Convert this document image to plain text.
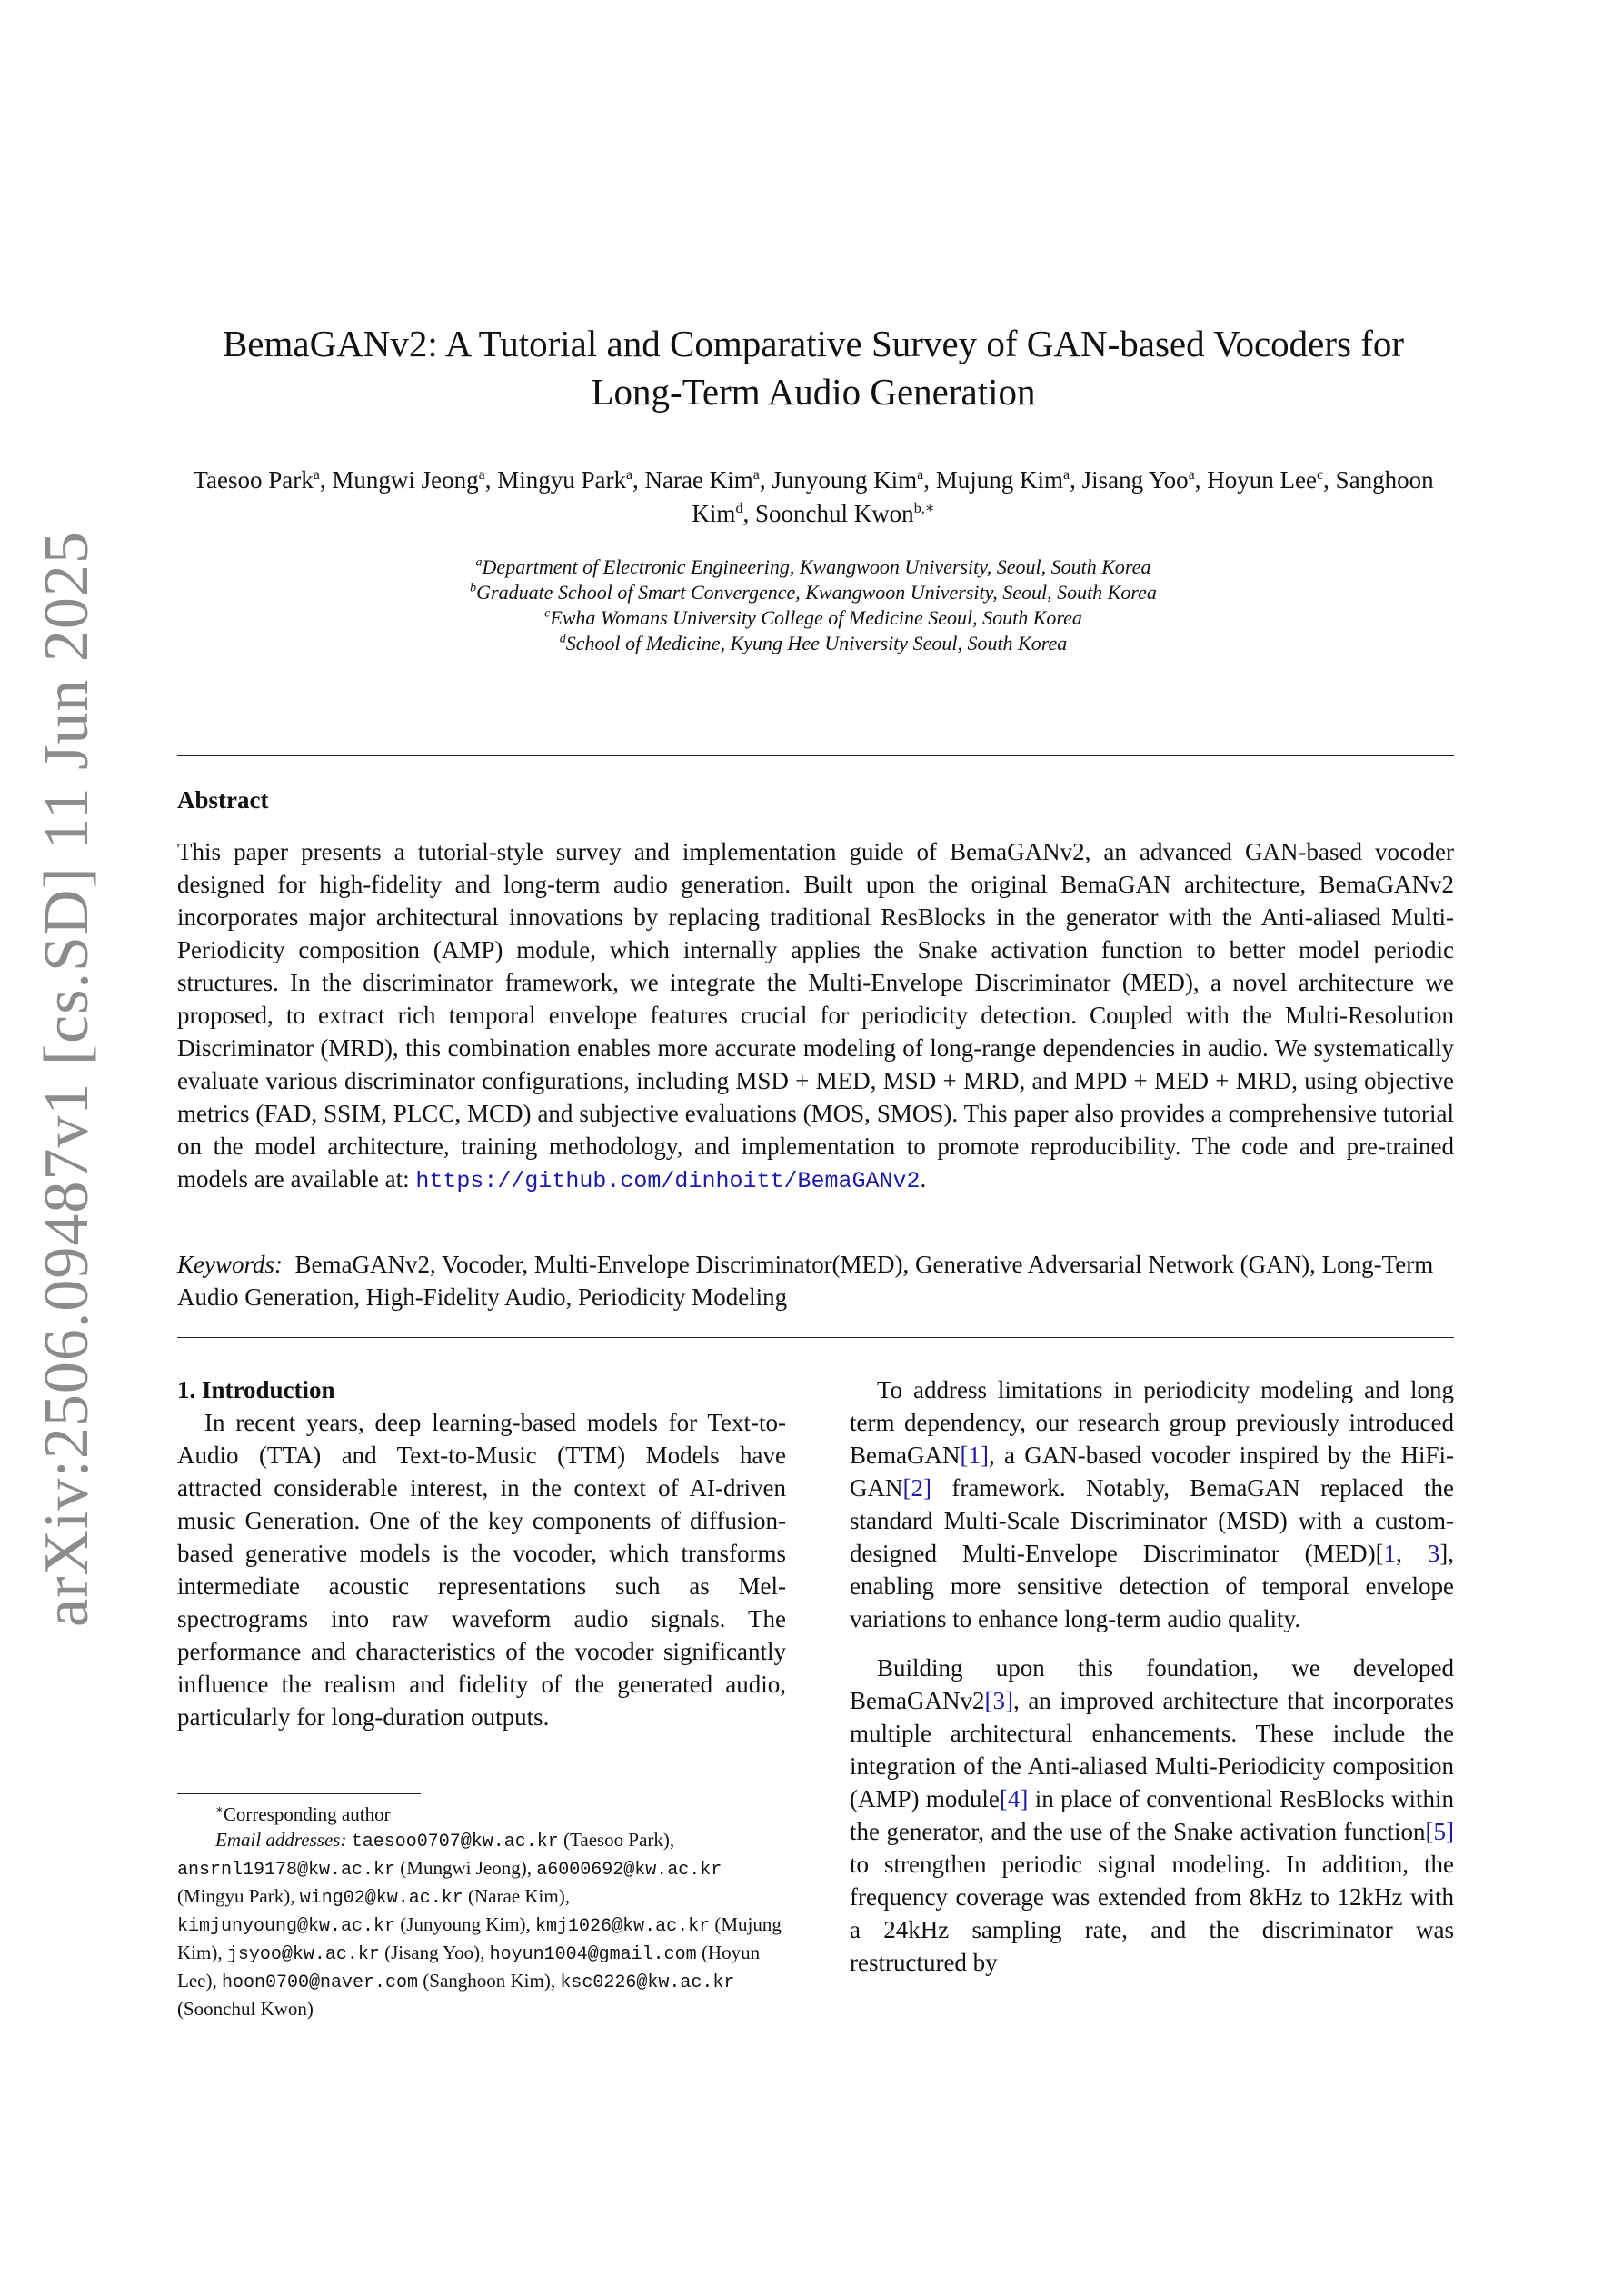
arXiv:2506.09487v1 [cs.SD] 11 Jun 2025
BemaGANv2: A Tutorial and Comparative Survey of GAN-based Vocoders for
Long-Term Audio Generation
Taesoo Park$^a$, Mungwi Jeong$^a$, Mingyu Park$^a$, Narae Kim$^a$, Junyoung Kim$^a$, Mujung Kim$^a$, Jisang Yoo$^a$, Hoyun Lee$^c$, Sanghoon Kim$^d$, Soonchul Kwon$^{b,∗}$
$^a$Department of Electronic Engineering, Kwangwoon University, Seoul, South Korea
$^b$Graduate School of Smart Convergence, Kwangwoon University, Seoul, South Korea
$^c$Ewha Womans University College of Medicine Seoul, South Korea
$^d$School of Medicine, Kyung Hee University Seoul, South Korea
Abstract
This paper presents a tutorial-style survey and implementation guide of BemaGANv2, an advanced GAN-based vocoder designed for high-fidelity and long-term audio generation. Built upon the original BemaGAN architecture, BemaGANv2 incorporates major architectural innovations by replacing traditional ResBlocks in the generator with the Anti-aliased Multi-Periodicity composition (AMP) module, which internally applies the Snake activation function to better model periodic structures. In the discriminator framework, we integrate the Multi-Envelope Discriminator (MED), a novel architecture we proposed, to extract rich temporal envelope features crucial for periodicity detection. Coupled with the Multi-Resolution Discriminator (MRD), this combination enables more accurate modeling of long-range dependencies in audio. We systematically evaluate various discriminator configurations, including MSD + MED, MSD + MRD, and MPD + MED + MRD, using objective metrics (FAD, SSIM, PLCC, MCD) and subjective evaluations (MOS, SMOS). This paper also provides a comprehensive tutorial on the model architecture, training methodology, and implementation to promote reproducibility. The code and pre-trained models are available at: https://github.com/dinhoitt/BemaGANv2.
Keywords: BemaGANv2, Vocoder, Multi-Envelope Discriminator(MED), Generative Adversarial Network (GAN), Long-Term Audio Generation, High-Fidelity Audio, Periodicity Modeling

1. Introduction

In recent years, deep learning-based models for Text-to-Audio (TTA) and Text-to-Music (TTM) Models have attracted considerable interest, in the context of AI-driven music Generation. One of the key components of diffusion-based generative models is the vocoder, which transforms intermediate acoustic representations such as Mel-spectrograms into raw waveform audio signals. The performance and characteristics of the vocoder significantly influence the realism and fidelity of the generated audio, particularly for long-duration outputs.

To address limitations in periodicity modeling and long term dependency, our research group previously introduced BemaGAN[1], a GAN-based vocoder inspired by the HiFi-GAN[2] framework. Notably, BemaGAN replaced the standard Multi-Scale Discriminator (MSD) with a custom-designed Multi-Envelope Discriminator (MED)[1, 3], enabling more sensitive detection of temporal envelope variations to enhance long-term audio quality.

Building upon this foundation, we developed BemaGANv2[3], an improved architecture that incorporates multiple architectural enhancements. These include the integration of the Anti-aliased Multi-Periodicity composition (AMP) module[4] in place of conventional ResBlocks within the generator, and the use of the Snake activation function[5] to strengthen periodic signal modeling. In addition, the frequency coverage was extended from 8kHz to 12kHz with a 24kHz sampling rate, and the discriminator was restructured by

∗Corresponding author
Email addresses: taesoo0707@kw.ac.kr (Taesoo Park), ansrnl19178@kw.ac.kr (Mungwi Jeong), a6000692@kw.ac.kr (Mingyu Park), wing02@kw.ac.kr (Narae Kim), kimjunyoung@kw.ac.kr (Junyoung Kim), kmj1026@kw.ac.kr (Mujung Kim), jsyoo@kw.ac.kr (Jisang Yoo), hoyun1004@gmail.com (Hoyun Lee), hoon0700@naver.com (Sanghoon Kim), ksc0226@kw.ac.kr (Soonchul Kwon)
